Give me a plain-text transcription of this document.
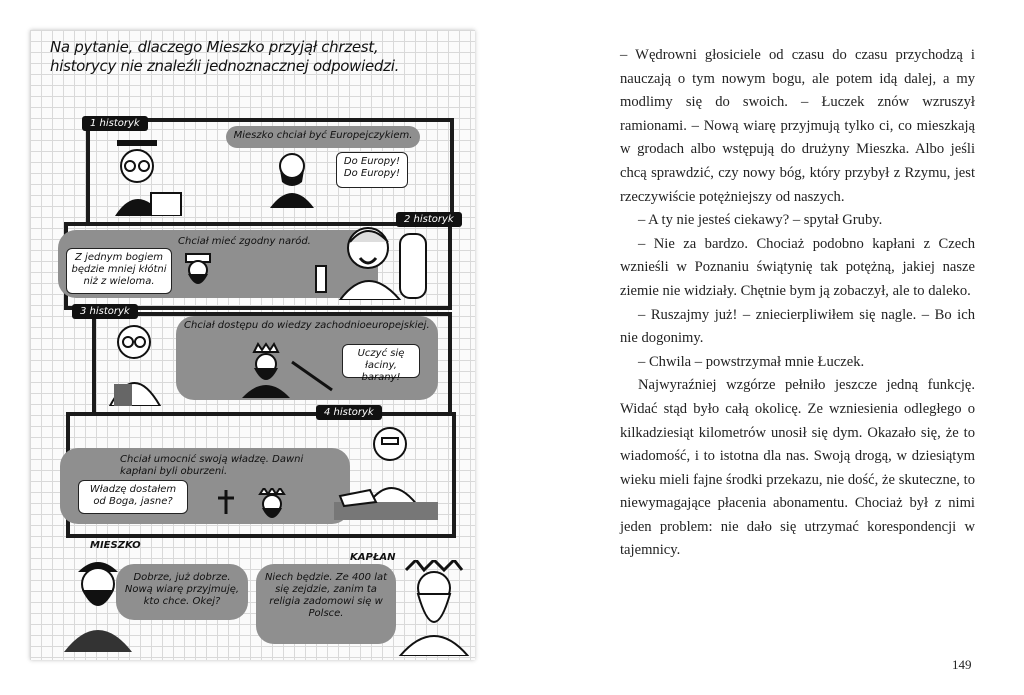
Na pytanie, dlaczego Mieszko przyjął chrzest, historycy nie znaleźli jednoznacznej odpowiedzi.
1 historyk
Mieszko chciał być Europejczykiem.
Do Europy! Do Europy!
2 historyk
Chciał mieć zgodny naród.
Z jednym bogiem będzie mniej kłótni niż z wieloma.
3 historyk
Chciał dostępu do wiedzy zachodnioeuropejskiej.
Uczyć się łaciny, barany!
4 historyk
Chciał umocnić swoją władzę. Dawni kapłani byli oburzeni.
Władzę dostałem od Boga, jasne?
MIESZKO
Dobrze, już dobrze. Nową wiarę przyjmuję, kto chce. Okej?
KAPŁAN
Niech będzie. Ze 400 lat się zejdzie, zanim ta religia zadomowi się w Polsce.

– Wędrowni głosiciele od czasu do czasu przychodzą i nauczają o tym nowym bogu, ale potem idą dalej, a my modlimy się do swoich. – Łuczek znów wzruszył ramionami. – Nową wiarę przyjmują tylko ci, co mieszkają w grodach albo wstępują do drużyny Mieszka. Albo jeśli chcą sprawdzić, czy nowy bóg, który przybył z Rzymu, jest rzeczywiście potężniejszy od naszych.

– A ty nie jesteś ciekawy? – spytał Gruby.

– Nie za bardzo. Chociaż podobno kapłani z Czech wznieśli w Poznaniu świątynię tak potężną, jakiej nasze ziemie nie widziały. Chętnie bym ją zobaczył, ale to daleko.

– Ruszajmy już! – zniecierpliwiłem się nagle. – Bo ich nie dogonimy.

– Chwila – powstrzymał mnie Łuczek.

Najwyraźniej wzgórze pełniło jeszcze jedną funkcję. Widać stąd było całą okolicę. Ze wzniesienia odległego o kilkadziesiąt kilometrów unosił się dym. Okazało się, że to wiadomość, i to istotna dla nas. Swoją drogą, w dziesiątym wieku mieli fajne środki przekazu, nie dość, że skuteczne, to niewymagające płacenia abonamentu. Chociaż był z nimi jeden problem: nie dało się utrzymać korespondencji w tajemnicy.

149
